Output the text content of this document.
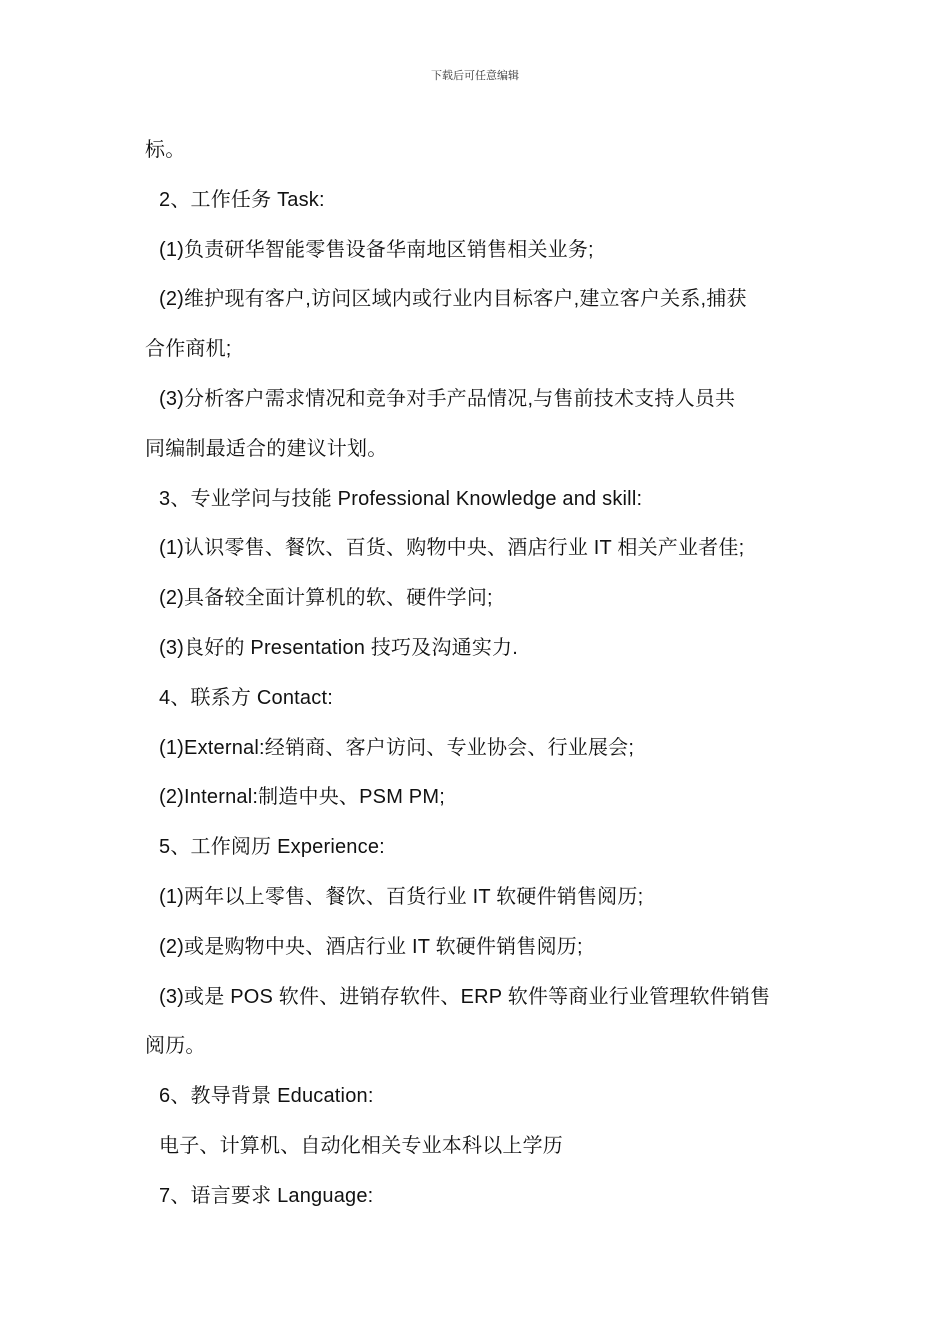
下载后可任意编辑
标。
2、工作任务 Task:
(1)负责研华智能零售设备华南地区销售相关业务;
(2)维护现有客户,访问区域内或行业内目标客户,建立客户关系,捕获
合作商机;
(3)分析客户需求情况和竞争对手产品情况,与售前技术支持人员共
同编制最适合的建议计划。
3、专业学问与技能 Professional Knowledge and skill:
(1)认识零售、餐饮、百货、购物中央、酒店行业 IT 相关产业者佳;
(2)具备较全面计算机的软、硬件学问;
(3)良好的 Presentation 技巧及沟通实力.
4、联系方 Contact:
(1)External:经销商、客户访问、专业协会、行业展会;
(2)Internal:制造中央、PSM PM;
5、工作阅历 Experience:
(1)两年以上零售、餐饮、百货行业 IT 软硬件销售阅历;
(2)或是购物中央、酒店行业 IT 软硬件销售阅历;
(3)或是 POS 软件、进销存软件、ERP 软件等商业行业管理软件销售
阅历。
6、教导背景 Education:
电子、计算机、自动化相关专业本科以上学历
7、语言要求 Language:
